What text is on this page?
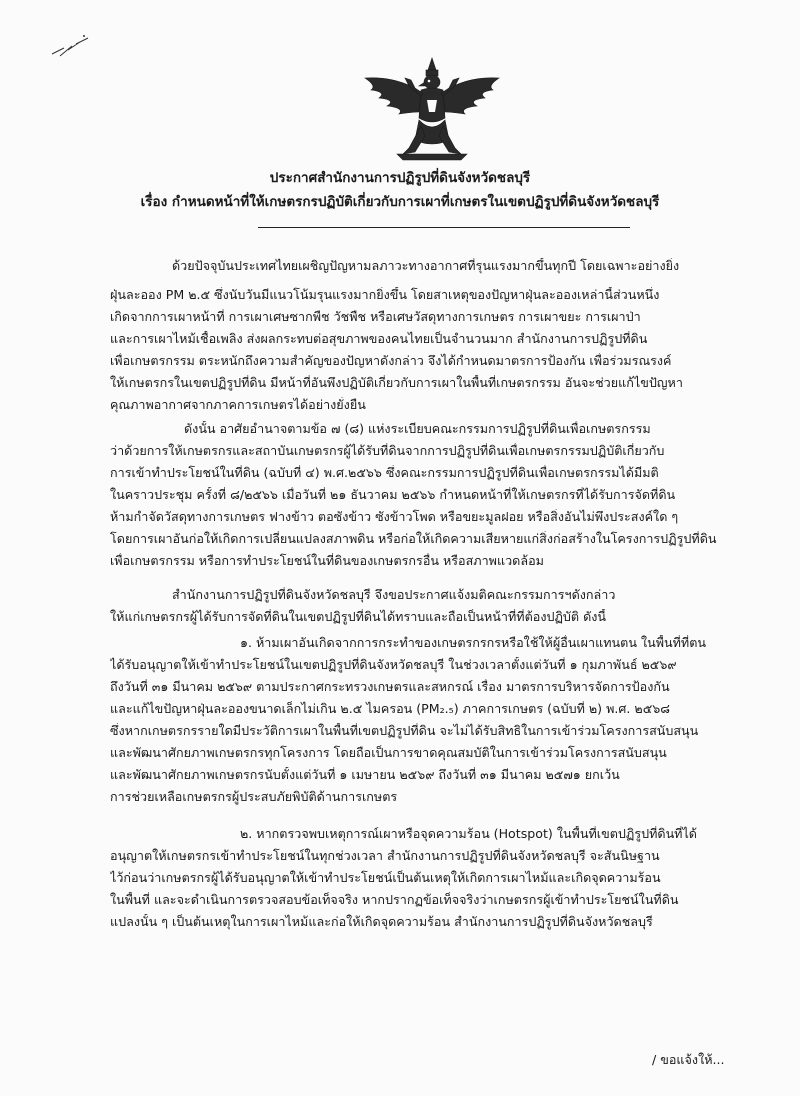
ประกาศสำนักงานการปฏิรูปที่ดินจังหวัดชลบุรี
เรื่อง กำหนดหน้าที่ให้เกษตรกรปฏิบัติเกี่ยวกับการเผาที่เกษตรในเขตปฏิรูปที่ดินจังหวัดชลบุรี
ด้วยปัจจุบันประเทศไทยเผชิญปัญหามลภาวะทางอากาศที่รุนแรงมากขึ้นทุกปี โดยเฉพาะอย่างยิ่ง
ฝุ่นละออง PM ๒.๕ ซึ่งนับวันมีแนวโน้มรุนแรงมากยิ่งขึ้น โดยสาเหตุของปัญหาฝุ่นละอองเหล่านี้ส่วนหนึ่ง
เกิดจากการเผาหน้าที่ การเผาเศษซากพืช วัชพืช หรือเศษวัสดุทางการเกษตร การเผาขยะ การเผาป่า
และการเผาไหม้เชื้อเพลิง ส่งผลกระทบต่อสุขภาพของคนไทยเป็นจำนวนมาก สำนักงานการปฏิรูปที่ดิน
เพื่อเกษตรกรรม ตระหนักถึงความสำคัญของปัญหาดังกล่าว จึงได้กำหนดมาตรการป้องกัน เพื่อร่วมรณรงค์
ให้เกษตรกรในเขตปฏิรูปที่ดิน มีหน้าที่อันพึงปฏิบัติเกี่ยวกับการเผาในพื้นที่เกษตรกรรม อันจะช่วยแก้ไขปัญหา
คุณภาพอากาศจากภาคการเกษตรได้อย่างยั่งยืน
ดังนั้น อาศัยอำนาจตามข้อ ๗ (๘) แห่งระเบียบคณะกรรมการปฏิรูปที่ดินเพื่อเกษตรกรรม
ว่าด้วยการให้เกษตรกรและสถาบันเกษตรกรผู้ได้รับที่ดินจากการปฏิรูปที่ดินเพื่อเกษตรกรรมปฏิบัติเกี่ยวกับ
การเข้าทำประโยชน์ในที่ดิน (ฉบับที่ ๔) พ.ศ.๒๕๖๖ ซึ่งคณะกรรมการปฏิรูปที่ดินเพื่อเกษตรกรรมได้มีมติ
ในคราวประชุม ครั้งที่ ๘/๒๕๖๖ เมื่อวันที่ ๒๑ ธันวาคม ๒๕๖๖ กำหนดหน้าที่ให้เกษตรกรที่ได้รับการจัดที่ดิน
ห้ามกำจัดวัสดุทางการเกษตร ฟางข้าว ตอซังข้าว ซังข้าวโพด หรือขยะมูลฝอย หรือสิ่งอันไม่พึงประสงค์ใด ๆ
โดยการเผาอันก่อให้เกิดการเปลี่ยนแปลงสภาพดิน หรือก่อให้เกิดความเสียหายแก่สิ่งก่อสร้างในโครงการปฏิรูปที่ดิน
เพื่อเกษตรกรรม หรือการทำประโยชน์ในที่ดินของเกษตรกรอื่น หรือสภาพแวดล้อม
สำนักงานการปฏิรูปที่ดินจังหวัดชลบุรี จึงขอประกาศแจ้งมติคณะกรรมการฯดังกล่าว
ให้แก่เกษตรกรผู้ได้รับการจัดที่ดินในเขตปฏิรูปที่ดินได้ทราบและถือเป็นหน้าที่ที่ต้องปฏิบัติ ดังนี้
๑. ห้ามเผาอันเกิดจากการกระทำของเกษตรกรกรหรือใช้ให้ผู้อื่นเผาแทนตน ในพื้นที่ที่ตน
ได้รับอนุญาตให้เข้าทำประโยชน์ในเขตปฏิรูปที่ดินจังหวัดชลบุรี ในช่วงเวลาตั้งแต่วันที่ ๑ กุมภาพันธ์ ๒๕๖๙
ถึงวันที่ ๓๑ มีนาคม ๒๕๖๙ ตามประกาศกระทรวงเกษตรและสหกรณ์ เรื่อง มาตรการบริหารจัดการป้องกัน
และแก้ไขปัญหาฝุ่นละอองขนาดเล็กไม่เกิน ๒.๕ ไมครอน (PM₂.₅) ภาคการเกษตร (ฉบับที่ ๒) พ.ศ. ๒๕๖๘
ซึ่งหากเกษตรกรรายใดมีประวัติการเผาในพื้นที่เขตปฏิรูปที่ดิน จะไม่ได้รับสิทธิในการเข้าร่วมโครงการสนับสนุน
และพัฒนาศักยภาพเกษตรกรทุกโครงการ โดยถือเป็นการขาดคุณสมบัติในการเข้าร่วมโครงการสนับสนุน
และพัฒนาศักยภาพเกษตรกรนับตั้งแต่วันที่ ๑ เมษายน ๒๕๖๙ ถึงวันที่ ๓๑ มีนาคม ๒๕๗๑ ยกเว้น
การช่วยเหลือเกษตรกรผู้ประสบภัยพิบัติด้านการเกษตร
๒. หากตรวจพบเหตุการณ์เผาหรือจุดความร้อน (Hotspot) ในพื้นที่เขตปฏิรูปที่ดินที่ได้
อนุญาตให้เกษตรกรเข้าทำประโยชน์ในทุกช่วงเวลา สำนักงานการปฏิรูปที่ดินจังหวัดชลบุรี จะสันนิษฐาน
ไว้ก่อนว่าเกษตรกรผู้ได้รับอนุญาตให้เข้าทำประโยชน์เป็นต้นเหตุให้เกิดการเผาไหม้และเกิดจุดความร้อน
ในพื้นที่ และจะดำเนินการตรวจสอบข้อเท็จจริง หากปรากฏข้อเท็จจริงว่าเกษตรกรผู้เข้าทำประโยชน์ในที่ดิน
แปลงนั้น ๆ เป็นต้นเหตุในการเผาไหม้และก่อให้เกิดจุดความร้อน สำนักงานการปฏิรูปที่ดินจังหวัดชลบุรี
/ ขอแจ้งให้...
